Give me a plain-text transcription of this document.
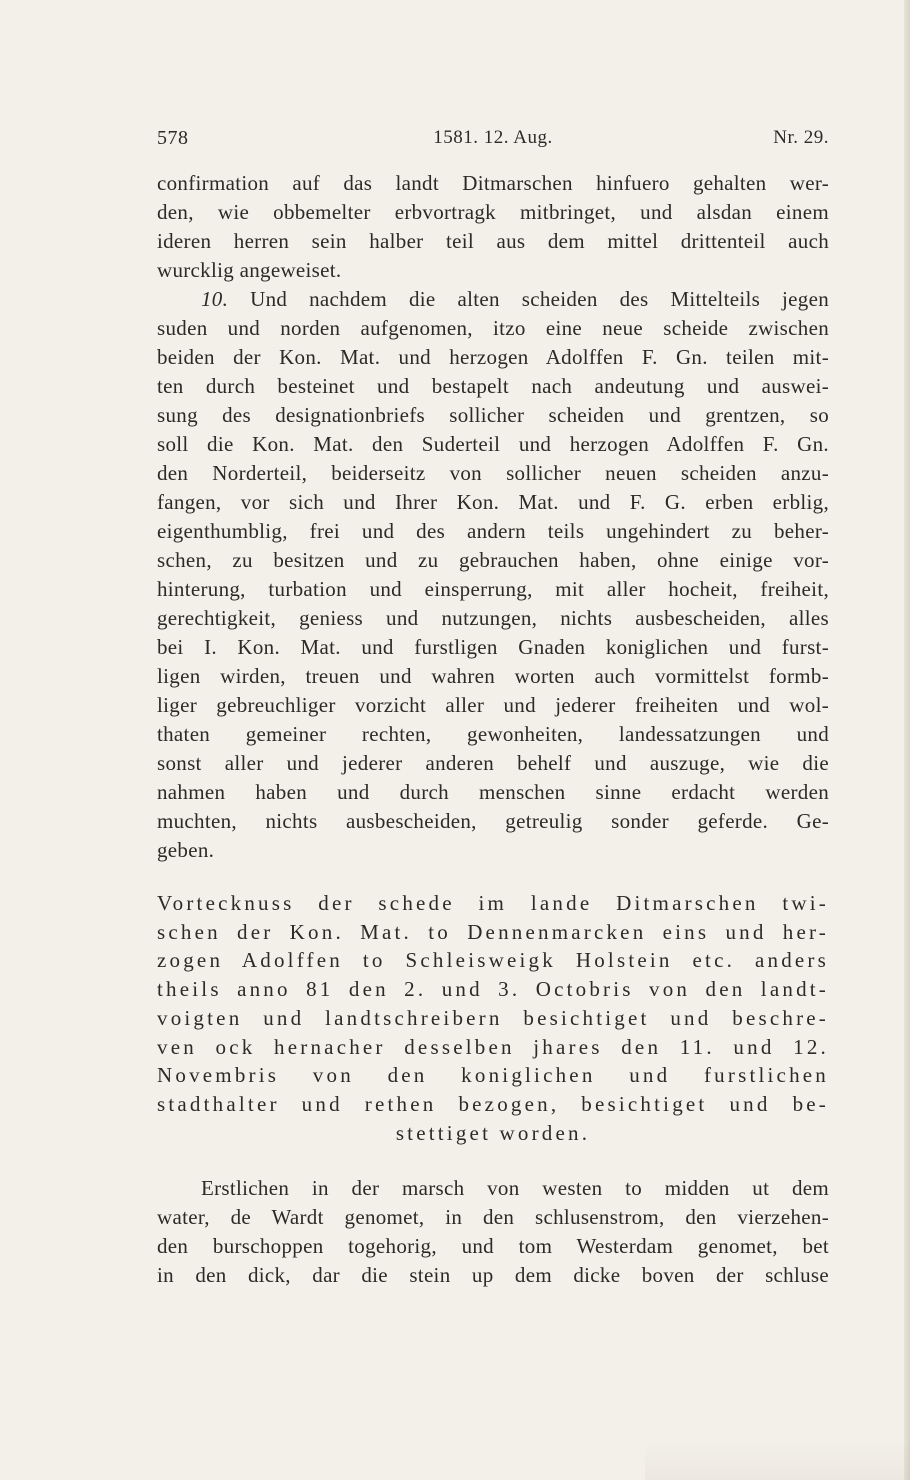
578	1581. 12. Aug.	Nr. 29.
confirmation auf das landt Ditmarschen hinfuero gehalten wer-
den, wie obbemelter erbvortragk mitbringet, und alsdan einem
ideren herren sein halber teil aus dem mittel drittenteil auch
wurcklig angeweiset.
10. Und nachdem die alten scheiden des Mittelteils jegen
suden und norden aufgenomen, itzo eine neue scheide zwischen
beiden der Kon. Mat. und herzogen Adolffen F. Gn. teilen mit-
ten durch besteinet und bestapelt nach andeutung und auswei-
sung des designationbriefs sollicher scheiden und grentzen, so
soll die Kon. Mat. den Suderteil und herzogen Adolffen F. Gn.
den Norderteil, beiderseitz von sollicher neuen scheiden anzu-
fangen, vor sich und Ihrer Kon. Mat. und F. G. erben erblig,
eigenthumblig, frei und des andern teils ungehindert zu beher-
schen, zu besitzen und zu gebrauchen haben, ohne einige vor-
hinterung, turbation und einsperrung, mit aller hocheit, freiheit,
gerechtigkeit, geniess und nutzungen, nichts ausbescheiden, alles
bei I. Kon. Mat. und furstligen Gnaden koniglichen und furst-
ligen wirden, treuen und wahren worten auch vormittelst formb-
liger gebreuchliger vorzicht aller und jederer freiheiten und wol-
thaten gemeiner rechten, gewonheiten, landessatzungen und
sonst aller und jederer anderen behelf und auszuge, wie die
nahmen haben und durch menschen sinne erdacht werden
muchten, nichts ausbescheiden, getreulig sonder geferde. Ge-
geben.
Vortecknuss der schede im lande Ditmarschen twi-
schen der Kon. Mat. to Dennenmarcken eins und her-
zogen Adolffen to Schleisweigk Holstein etc. anders
theils anno 81 den 2. und 3. Octobris von den landt-
voigten und landtschreibern besichtiget und beschre-
ven ock hernacher desselben jhares den 11. und 12.
Novembris von den koniglichen und furstlichen
stadthalter und rethen bezogen, besichtiget und be-
stettiget worden.
Erstlichen in der marsch von westen to midden ut dem
water, de Wardt genomet, in den schlusenstrom, den vierzehen-
den burschoppen togehorig, und tom Westerdam genomet, bet
in den dick, dar die stein up dem dicke boven der schluse
